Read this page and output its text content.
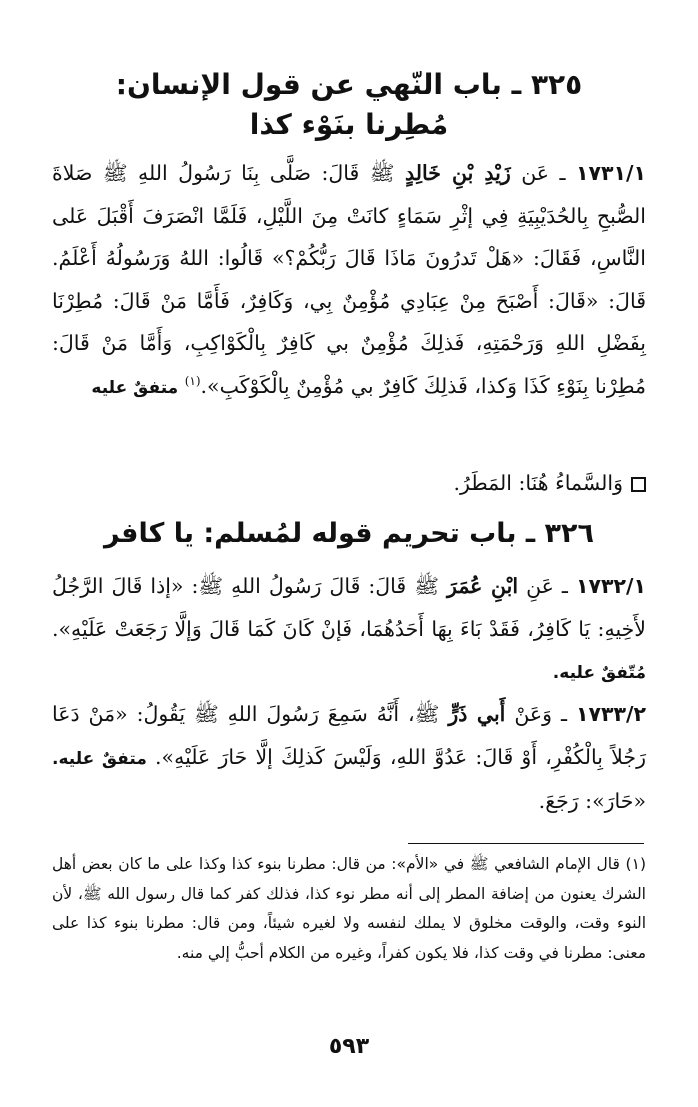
٣٢٥ ـ باب النّهي عن قول الإنسان:
مُطِرنا بنَوْء كذا
١٧٣١/١ ـ عَن زَيْدِ بْنِ خَالِدٍ ﷺ قَالَ: صَلَّى بِنَا رَسُولُ اللهِ ﷺ صَلاةَ الصُّبحِ بِالحُدَيْبِيَةِ فِي إثْرِ سَمَاءٍ كانَتْ مِنَ اللَّيْلِ، فَلَمَّا انْصَرَفَ أَقْبَلَ عَلى النَّاسِ، فَقَالَ: «هَلْ تَدرُونَ مَاذَا قَالَ رَبُّكُمْ؟» قَالُوا: اللهُ وَرَسُولُهُ أَعْلَمُ. قَالَ: «قَالَ: أَصْبَحَ مِنْ عِبَادِي مُؤْمِنٌ بِي، وَكَافِرٌ، فَأَمَّا مَنْ قَالَ: مُطِرْنَا بِفَضْلِ اللهِ وَرَحْمَتِهِ، فَذلِكَ مُؤْمِنٌ بي كَافِرٌ بِالْكَوْاكِبِ، وَأَمَّا مَنْ قَالَ: مُطِرْنا بِنَوْءِ كَذَا وَكذا، فَذلِكَ كَافِرٌ بي مُؤْمِنٌ بِالْكَوْكَبِ».$^{(١)}$ متفقٌ عليه
وَالسَّماءُ هُنَا: المَطَرُ.
٣٢٦ ـ باب تحريم قوله لمُسلم: يا كافر
١٧٣٢/١ ـ عَنِ ابْنِ عُمَرَ ﷺ قَالَ: قَالَ رَسُولُ اللهِ ﷺ: «إذا قَالَ الرَّجُلُ لأَخِيهِ: يَا كَافِرُ، فَقَدْ بَاءَ بِهَا أَحَدُهُمَا، فَإنْ كَانَ كَمَا قَالَ وَإلَّا رَجَعَتْ عَلَيْهِ». مُتّفقٌ عليه.
١٧٣٣/٢ ـ وَعَنْ أَبي ذَرٍّ ﷺ، أَنَّهُ سَمِعَ رَسُولَ اللهِ ﷺ يَقُولُ: «مَنْ دَعَا رَجُلاً بِالْكُفْرِ، أَوْ قَالَ: عَدُوَّ اللهِ، وَلَيْسَ كَذلِكَ إلَّا حَارَ عَلَيْهِ». متفقٌ عليه. «حَارَ»: رَجَعَ.
(١) قال الإمام الشافعي ﷺ في «الأم»: من قال: مطرنا بنوء كذا وكذا على ما كان بعض أهل الشرك يعنون من إضافة المطر إلى أنه مطر نوء كذا، فذلك كفر كما قال رسول الله ﷺ، لأن النوء وقت، والوقت مخلوق لا يملك لنفسه ولا لغيره شيئاً، ومن قال: مطرنا بنوء كذا على معنى: مطرنا في وقت كذا، فلا يكون كفراً، وغيره من الكلام أحبُّ إلي منه.
٥٩٣
